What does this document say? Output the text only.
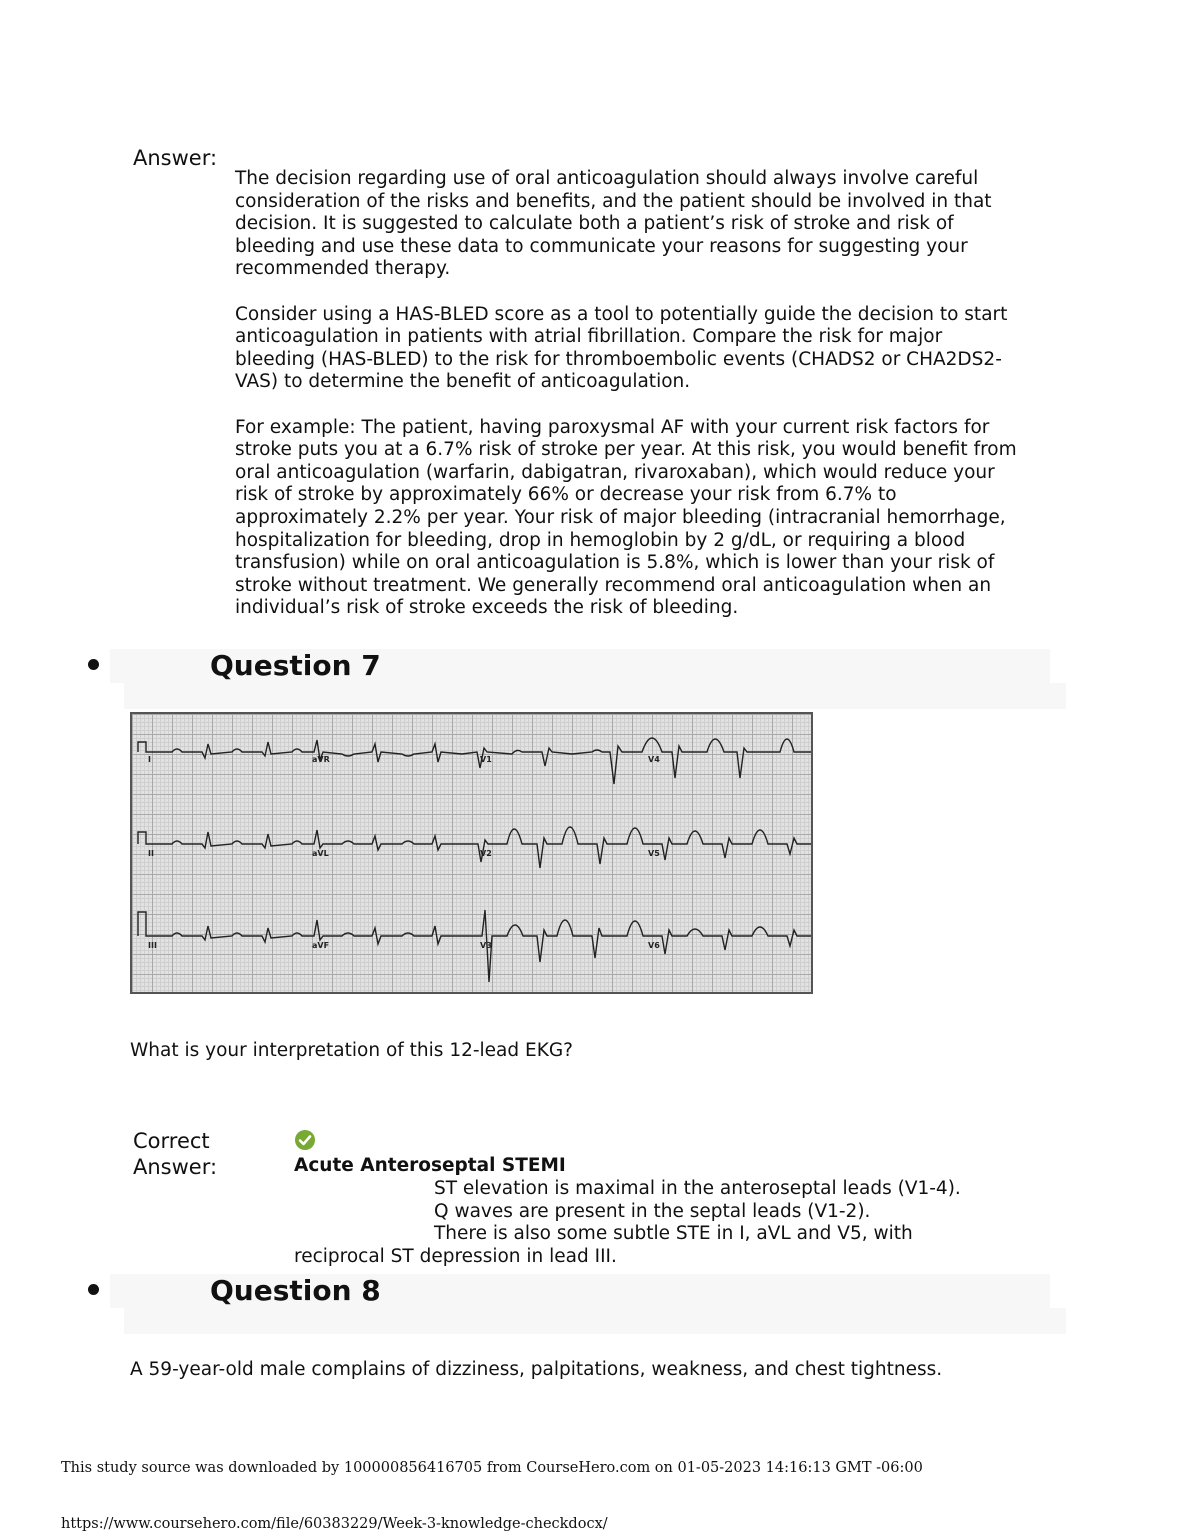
Answer:

The decision regarding use of oral anticoagulation should always involve careful consideration of the risks and benefits, and the patient should be involved in that decision. It is suggested to calculate both a patient’s risk of stroke and risk of bleeding and use these data to communicate your reasons for suggesting your recommended therapy.

Consider using a HAS-BLED score as a tool to potentially guide the decision to start anticoagulation in patients with atrial fibrillation. Compare the risk for major bleeding (HAS-BLED) to the risk for thromboembolic events (CHADS2 or CHA2DS2-VAS) to determine the benefit of anticoagulation.

For example: The patient, having paroxysmal AF with your current risk factors for stroke puts you at a 6.7% risk of stroke per year. At this risk, you would benefit from oral anticoagulation (warfarin, dabigatran, rivaroxaban), which would reduce your risk of stroke by approximately 66% or decrease your risk from 6.7% to approximately 2.2% per year. Your risk of major bleeding (intracranial hemorrhage, hospitalization for bleeding, drop in hemoglobin by 2 g/dL, or requiring a blood transfusion) while on oral anticoagulation is 5.8%, which is lower than your risk of stroke without treatment. We generally recommend oral anticoagulation when an individual’s risk of stroke exceeds the risk of bleeding.

Question 7
I	aVR	V1	V4
II	aVL	V2	V5
III	aVF	V3	V6
What is your interpretation of this 12-lead EKG?
Correct Answer:	Acute Anteroseptal STEMI
ST elevation is maximal in the anteroseptal leads (V1-4).
Q waves are present in the septal leads (V1-2).
There is also some subtle STE in I, aVL and V5, with
reciprocal ST depression in lead III.
Question 8
A 59-year-old male complains of dizziness, palpitations, weakness, and chest tightness.
This study source was downloaded by 100000856416705 from CourseHero.com on 01-05-2023 14:16:13 GMT -06:00
https://www.coursehero.com/file/60383229/Week-3-knowledge-checkdocx/
